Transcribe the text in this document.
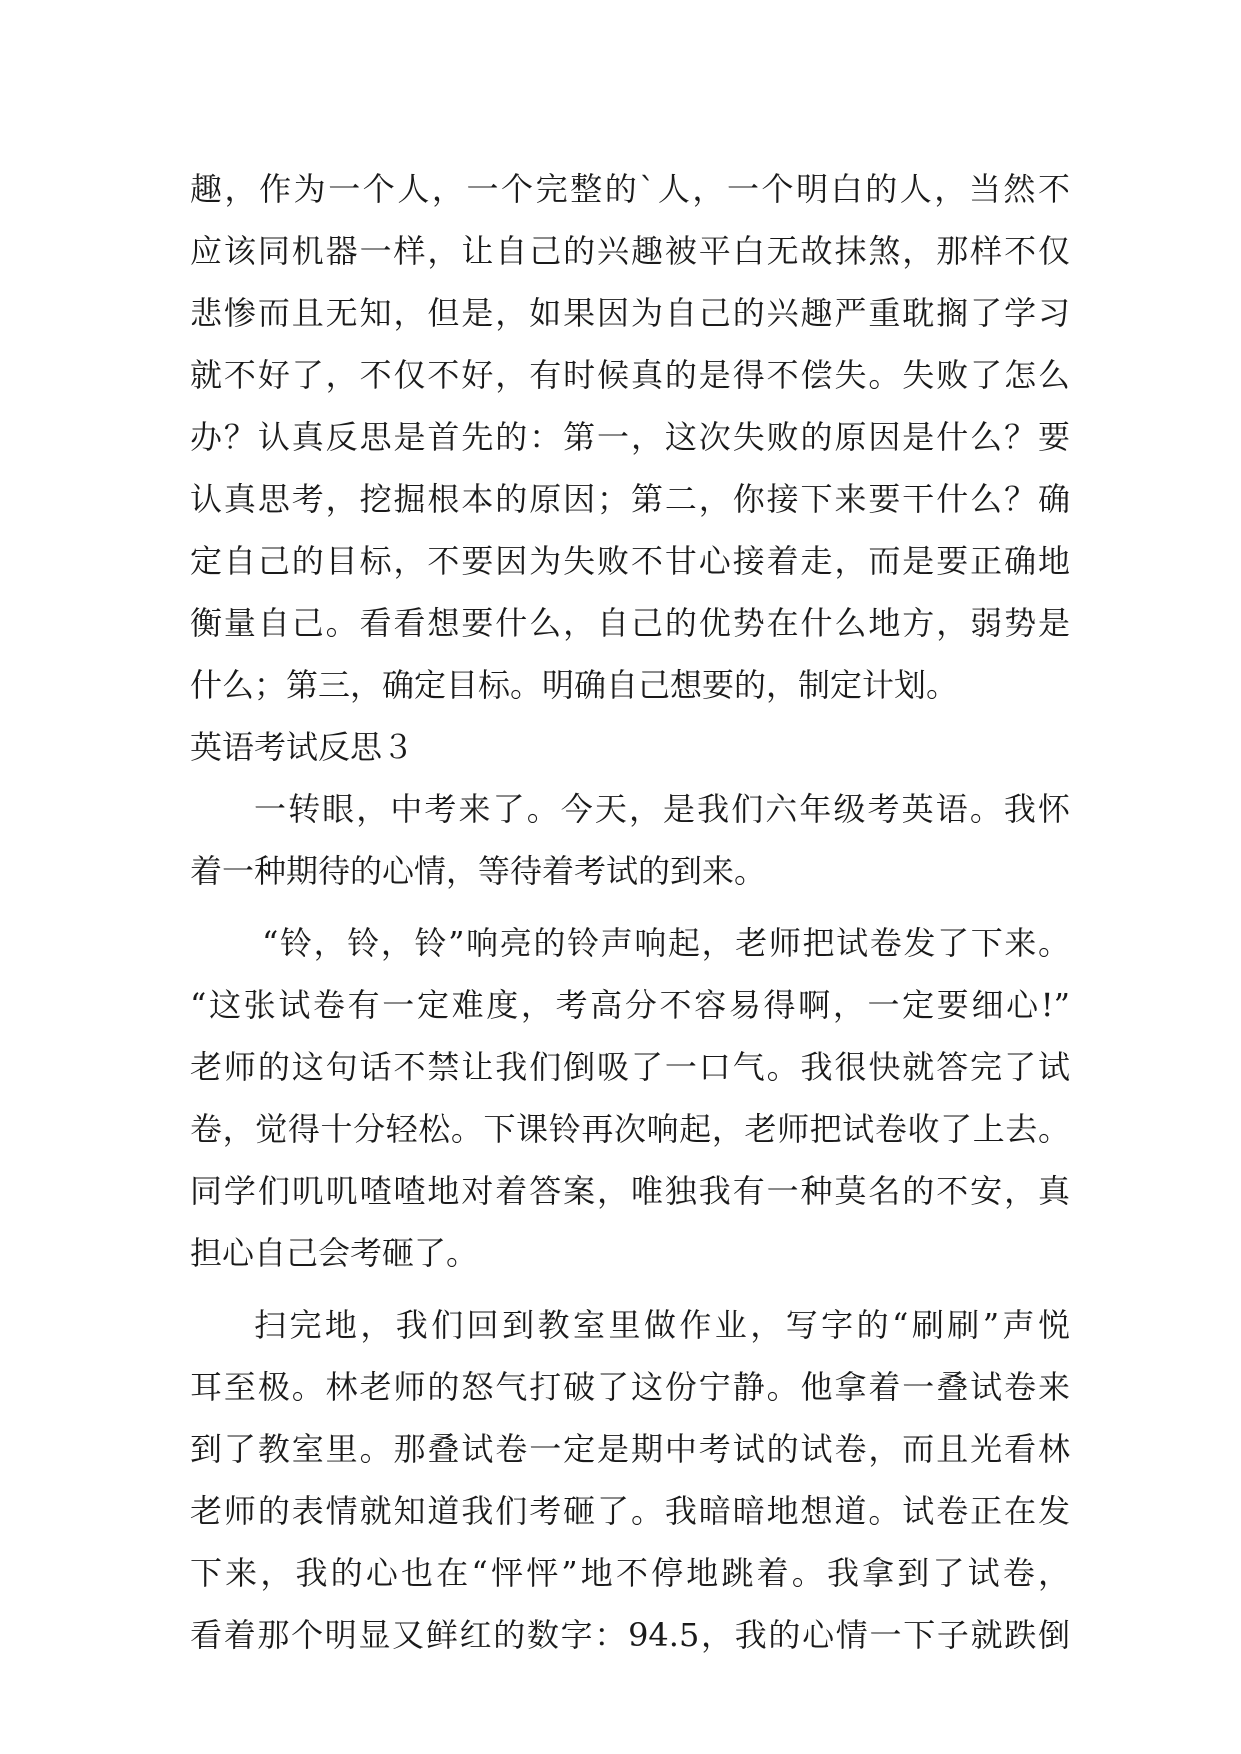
趣，作为一个人，一个完整的`人，一个明白的人，当然不
应该同机器一样，让自己的兴趣被平白无故抹煞，那样不仅
悲惨而且无知，但是，如果因为自己的兴趣严重耽搁了学习
就不好了，不仅不好，有时候真的是得不偿失。失败了怎么
办？认真反思是首先的：第一，这次失败的原因是什么？要
认真思考，挖掘根本的原因；第二，你接下来要干什么？确
定自己的目标，不要因为失败不甘心接着走，而是要正确地
衡量自己。看看想要什么，自己的优势在什么地方，弱势是
什么；第三，确定目标。明确自己想要的，制定计划。
英语考试反思３
一转眼，中考来了。今天，是我们六年级考英语。我怀
着一种期待的心情，等待着考试的到来。
“铃，铃，铃”响亮的铃声响起，老师把试卷发了下来。
“这张试卷有一定难度，考高分不容易得啊，一定要细心!”
老师的这句话不禁让我们倒吸了一口气。我很快就答完了试
卷，觉得十分轻松。下课铃再次响起，老师把试卷收了上去。
同学们叽叽喳喳地对着答案，唯独我有一种莫名的不安，真
担心自己会考砸了。
扫完地，我们回到教室里做作业，写字的“刷刷”声悦
耳至极。林老师的怒气打破了这份宁静。他拿着一叠试卷来
到了教室里。那叠试卷一定是期中考试的试卷，而且光看林
老师的表情就知道我们考砸了。我暗暗地想道。试卷正在发
下来，我的心也在“怦怦”地不停地跳着。我拿到了试卷，
看着那个明显又鲜红的数字：94.5，我的心情一下子就跌倒
